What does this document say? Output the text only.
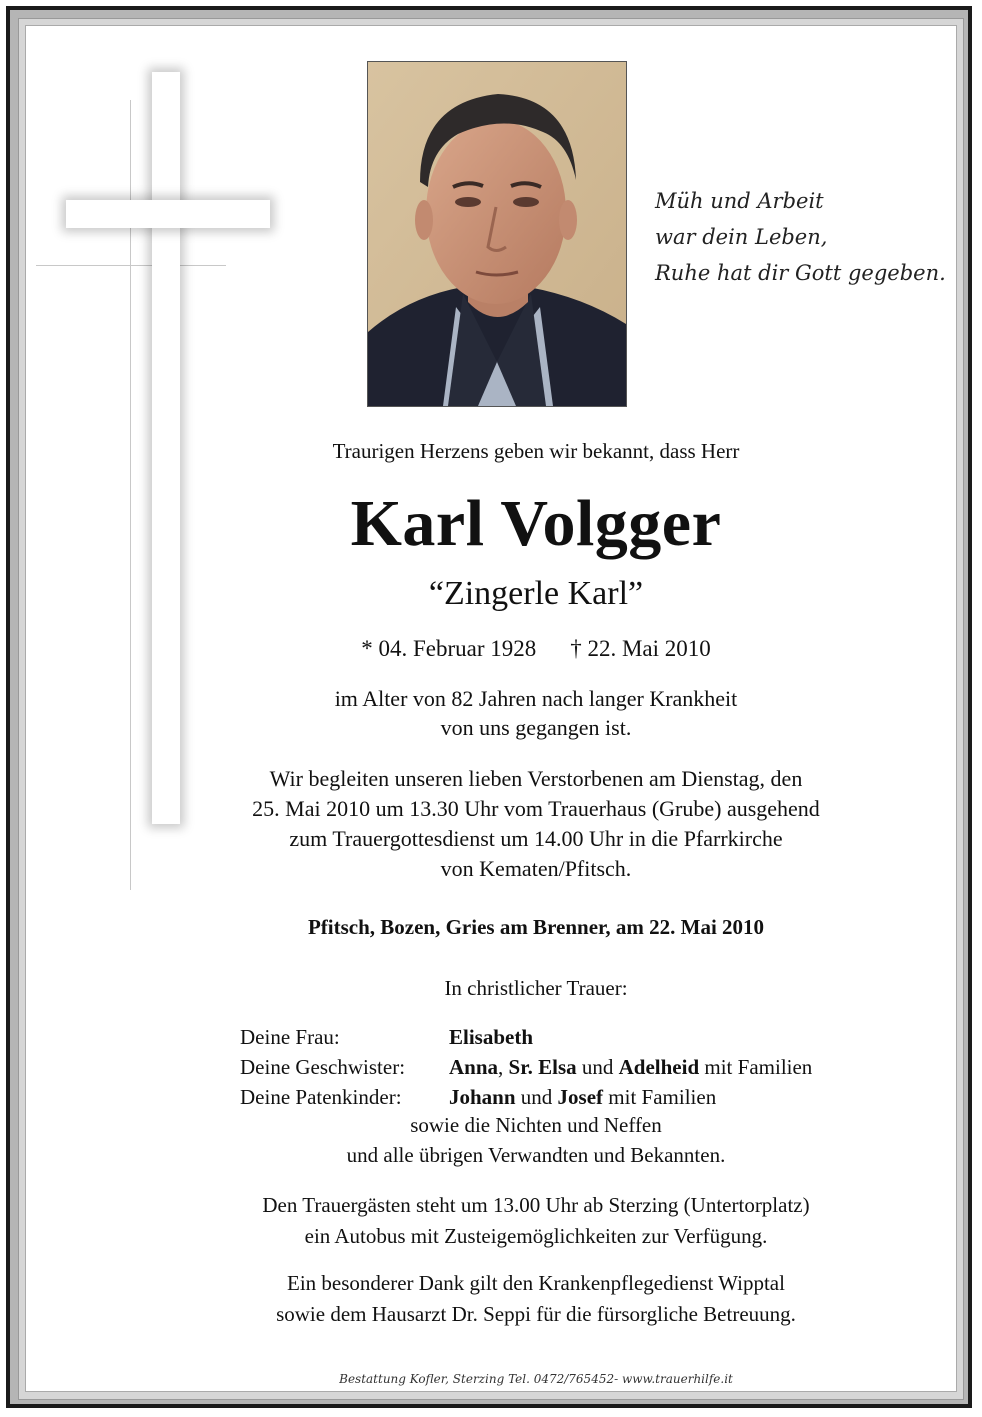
Müh und Arbeit
war dein Leben,
Ruhe hat dir Gott gegeben.
Traurigen Herzens geben wir bekannt, dass Herr
Karl Volgger
“Zingerle Karl”
* 04. Februar 1928 † 22. Mai 2010
im Alter von 82 Jahren nach langer Krankheit
von uns gegangen ist.
Wir begleiten unseren lieben Verstorbenen am Dienstag, den
25. Mai 2010 um 13.30 Uhr vom Trauerhaus (Grube) ausgehend
zum Trauergottesdienst um 14.00 Uhr in die Pfarrkirche
von Kematen/Pfitsch.
Pfitsch, Bozen, Gries am Brenner, am 22. Mai 2010
In christlicher Trauer:
Deine Frau:	Elisabeth
Deine Geschwister: Anna, Sr. Elsa und Adelheid mit Familien
Deine Patenkinder: Johann und Josef mit Familien
sowie die Nichten und Neffen
und alle übrigen Verwandten und Bekannten.
Den Trauergästen steht um 13.00 Uhr ab Sterzing (Untertorplatz)
ein Autobus mit Zusteigemöglichkeiten zur Verfügung.
Ein besonderer Dank gilt den Krankenpflegedienst Wipptal
sowie dem Hausarzt Dr. Seppi für die fürsorgliche Betreuung.
Bestattung Kofler, Sterzing Tel. 0472/765452- www.trauerhilfe.it
